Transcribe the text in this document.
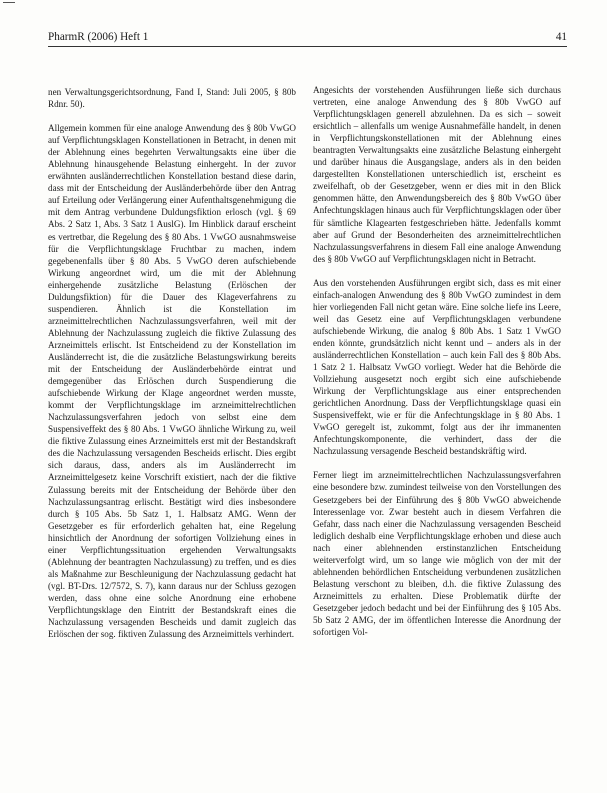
PharmR (2006) Heft 1	41

nen Verwaltungsgerichtsordnung, Fand I, Stand: Juli 2005, § 80b Rdnr. 50).

Allgemein kommen für eine analoge Anwendung des § 80b VwGO auf Verpflichtungsklagen Konstellationen in Betracht, in denen mit der Ablehnung eines begehrten Verwaltungsakts eine über die Ablehnung hinausgehende Belastung einhergeht. In der zuvor erwähnten ausländerrechtlichen Konstellation bestand diese darin, dass mit der Entscheidung der Ausländerbehörde über den Antrag auf Erteilung oder Verlängerung einer Aufenthaltsgenehmigung die mit dem Antrag verbundene Duldungsfiktion erlosch (vgl. § 69 Abs. 2 Satz 1, Abs. 3 Satz 1 AuslG). Im Hinblick darauf erscheint es vertretbar, die Regelung des § 80 Abs. 1 VwGO ausnahmsweise für die Verpflichtungsklage Fruchtbar zu machen, indem gegebenenfalls über § 80 Abs. 5 VwGO deren aufschiebende Wirkung angeordnet wird, um die mit der Ablehnung einhergehende zusätzliche Belastung (Erlöschen der Duldungsfiktion) für die Dauer des Klageverfahrens zu suspendieren. Ähnlich ist die Konstellation im arzneimittelrechtlichen Nachzulassungsverfahren, weil mit der Ablehnung der Nachzulassung zugleich die fiktive Zulassung des Arzneimittels erlischt. Ist Entscheidend zu der Konstellation im Ausländerrecht ist, die die zusätzliche Belastungswirkung bereits mit der Entscheidung der Ausländerbehörde eintrat und demgegenüber das Erlöschen durch Suspendierung die aufschiebende Wirkung der Klage angeordnet werden musste, kommt der Verpflichtungsklage im arzneimittelrechtlichen Nachzulassungsverfahren jedoch von selbst eine dem Suspensiveffekt des § 80 Abs. 1 VwGO ähnliche Wirkung zu, weil die fiktive Zulassung eines Arzneimittels erst mit der Bestandskraft des die Nachzulassung versagenden Bescheids erlischt. Dies ergibt sich daraus, dass, anders als im Ausländerrecht im Arzneimittelgesetz keine Vorschrift existiert, nach der die fiktive Zulassung bereits mit der Entscheidung der Behörde über den Nachzulassungsantrag erlischt. Bestätigt wird dies insbesondere durch § 105 Abs. 5b Satz 1, 1. Halbsatz AMG. Wenn der Gesetzgeber es für erforderlich gehalten hat, eine Regelung hinsichtlich der Anordnung der sofortigen Vollziehung eines in einer Verpflichtungssituation ergehenden Verwaltungsakts (Ablehnung der beantragten Nachzulassung) zu treffen, und es dies als Maßnahme zur Beschleunigung der Nachzulassung gedacht hat (vgl. BT-Drs. 12/7572, S. 7), kann daraus nur der Schluss gezogen werden, dass ohne eine solche Anordnung eine erhobene Verpflichtungsklage den Eintritt der Bestandskraft eines die Nachzulassung versagenden Bescheids und damit zugleich das Erlöschen der sog. fiktiven Zulassung des Arzneimittels verhindert.

Angesichts der vorstehenden Ausführungen ließe sich durchaus vertreten, eine analoge Anwendung des § 80b VwGO auf Verpflichtungsklagen generell abzulehnen. Da es sich – soweit ersichtlich – allenfalls um wenige Ausnahmefälle handelt, in denen in Verpflichtungskonstellationen mit der Ablehnung eines beantragten Verwaltungsakts eine zusätzliche Belastung einhergeht und darüber hinaus die Ausgangslage, anders als in den beiden dargestellten Konstellationen unterschiedlich ist, erscheint es zweifelhaft, ob der Gesetzgeber, wenn er dies mit in den Blick genommen hätte, den Anwendungsbereich des § 80b VwGO über Anfechtungsklagen hinaus auch für Verpflichtungsklagen oder über für sämtliche Klagearten festgeschrieben hätte. Jedenfalls kommt aber auf Grund der Besonderheiten des arzneimittelrechtlichen Nachzulassungsverfahrens in diesem Fall eine analoge Anwendung des § 80b VwGO auf Verpflichtungsklagen nicht in Betracht.

Aus den vorstehenden Ausführungen ergibt sich, dass es mit einer einfach-analogen Anwendung des § 80b VwGO zumindest in dem hier vorliegenden Fall nicht getan wäre. Eine solche liefe ins Leere, weil das Gesetz eine auf Verpflichtungsklagen verbundene aufschiebende Wirkung, die analog § 80b Abs. 1 Satz 1 VwGO enden könnte, grundsätzlich nicht kennt und – anders als in der ausländerrechtlichen Konstellation – auch kein Fall des § 80b Abs. 1 Satz 2 1. Halbsatz VwGO vorliegt. Weder hat die Behörde die Vollziehung ausgesetzt noch ergibt sich eine aufschiebende Wirkung der Verpflichtungsklage aus einer entsprechenden gerichtlichen Anordnung. Dass der Verpflichtungsklage quasi ein Suspensiveffekt, wie er für die Anfechtungsklage in § 80 Abs. 1 VwGO geregelt ist, zukommt, folgt aus der ihr immanenten Anfechtungskomponente, die verhindert, dass der die Nachzulassung versagende Bescheid bestandskräftig wird.

Ferner liegt im arzneimittelrechtlichen Nachzulassungsverfahren eine besondere bzw. zumindest teilweise von den Vorstellungen des Gesetzgebers bei der Einführung des § 80b VwGO abweichende Interessenlage vor. Zwar besteht auch in diesem Verfahren die Gefahr, dass nach einer die Nachzulassung versagenden Bescheid lediglich deshalb eine Verpflichtungsklage erhoben und diese auch nach einer ablehnenden erstinstanzlichen Entscheidung weiterverfolgt wird, um so lange wie möglich von der mit der ablehnenden behördlichen Entscheidung verbundenen zusätzlichen Belastung verschont zu bleiben, d.h. die fiktive Zulassung des Arzneimittels zu erhalten. Diese Problematik dürfte der Gesetzgeber jedoch bedacht und bei der Einführung des § 105 Abs. 5b Satz 2 AMG, der im öffentlichen Interesse die Anordnung der sofortigen Vol-
